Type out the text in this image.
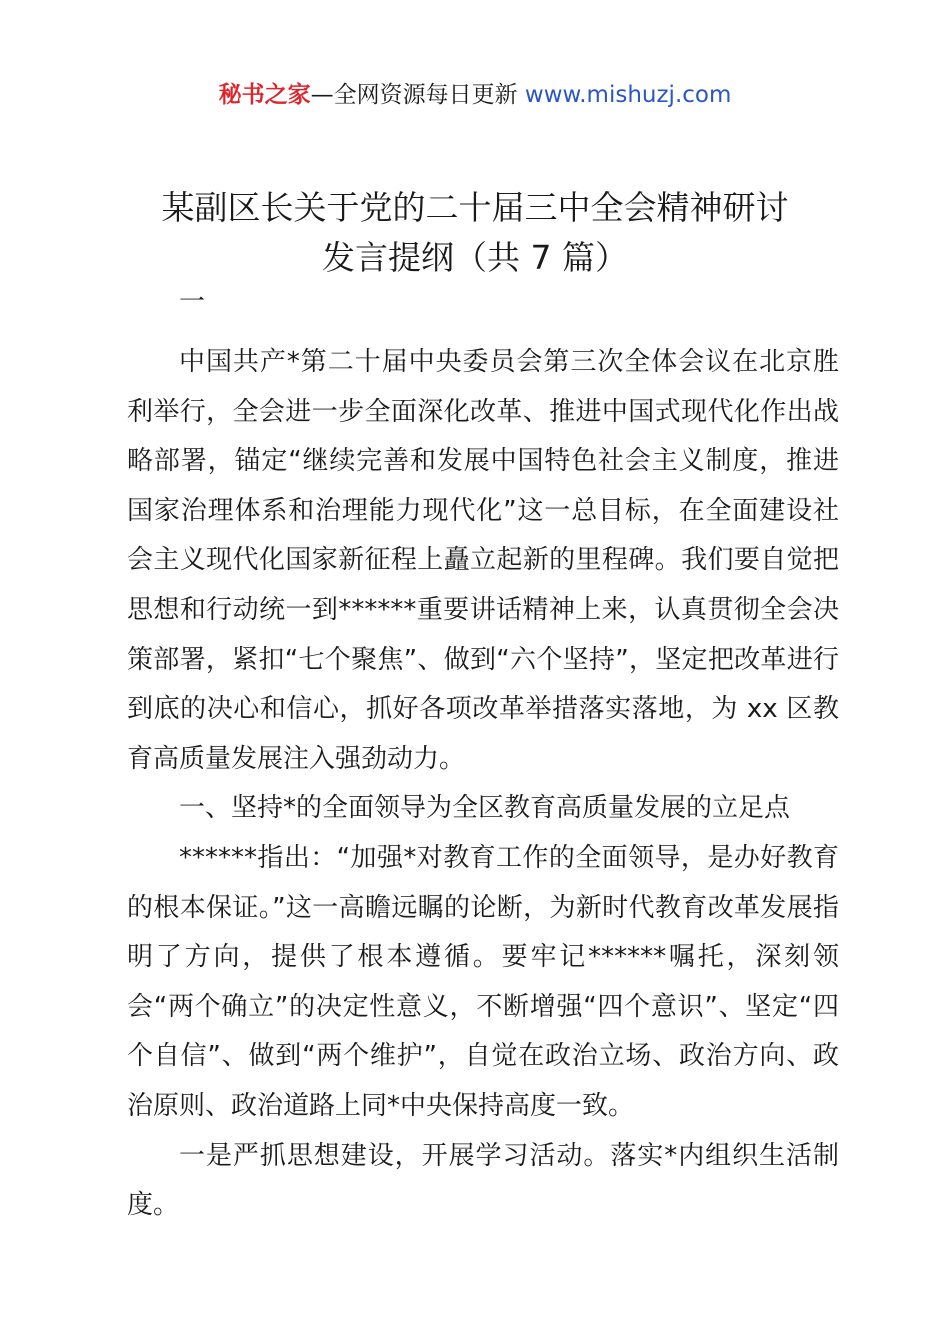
秘书之家—全网资源每日更新 www.mishuzj.com
某副区长关于党的二十届三中全会精神研讨
发言提纲（共 7 篇）
一

中国共产*第二十届中央委员会第三次全体会议在北京胜利举行，全会进一步全面深化改革、推进中国式现代化作出战略部署，锚定“继续完善和发展中国特色社会主义制度，推进国家治理体系和治理能力现代化”这一总目标，在全面建设社会主义现代化国家新征程上矗立起新的里程碑。我们要自觉把思想和行动统一到******重要讲话精神上来，认真贯彻全会决策部署，紧扣“七个聚焦”、做到“六个坚持”，坚定把改革进行到底的决心和信心，抓好各项改革举措落实落地，为 xx 区教育高质量发展注入强劲动力。

一、坚持*的全面领导为全区教育高质量发展的立足点

******指出：“加强*对教育工作的全面领导，是办好教育的根本保证。”这一高瞻远瞩的论断，为新时代教育改革发展指明了方向，提供了根本遵循。要牢记******嘱托，深刻领会“两个确立”的决定性意义，不断增强“四个意识”、坚定“四个自信”、做到“两个维护”，自觉在政治立场、政治方向、政治原则、政治道路上同*中央保持高度一致。

一是严抓思想建设，开展学习活动。落实*内组织生活制度。
